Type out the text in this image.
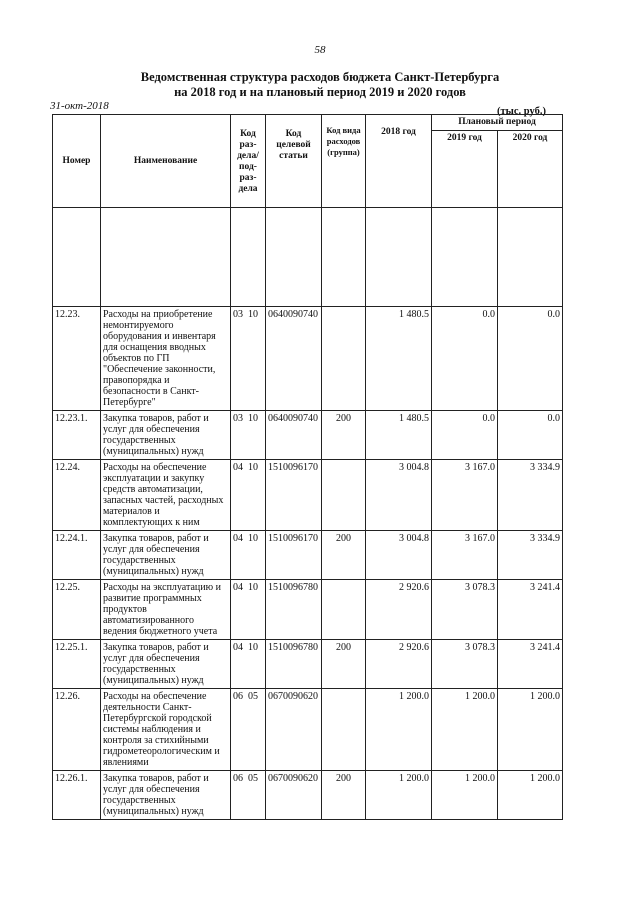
58
Ведомственная структура расходов бюджета Санкт-Петербурга
на 2018 год и на плановый период 2019 и 2020 годов
31-окт-2018	(тыс. руб.)
Номер	Наименование	Код раз-дела/ под-раз-дела	Код целевой статьи	Код вида расходов (группа)	2018 год	Плановый период	
						2019 год	2020 год

12.23.	Расходы на приобретение немонтируемого оборудования и инвентаря для оснащения вводных объектов по ГП "Обеспечение законности, правопорядка и безопасности в Санкт-Петербурге"	03 10	0640090740		1 480.5	0.0	0.0
12.23.1.	Закупка товаров, работ и услуг для обеспечения государственных (муниципальных) нужд	03 10	0640090740	200	1 480.5	0.0	0.0
12.24.	Расходы на обеспечение эксплуатации и закупку средств автоматизации, запасных частей, расходных материалов и комплектующих к ним	04 10	1510096170		3 004.8	3 167.0	3 334.9
12.24.1.	Закупка товаров, работ и услуг для обеспечения государственных (муниципальных) нужд	04 10	1510096170	200	3 004.8	3 167.0	3 334.9
12.25.	Расходы на эксплуатацию и развитие программных продуктов автоматизированного ведения бюджетного учета	04 10	1510096780		2 920.6	3 078.3	3 241.4
12.25.1.	Закупка товаров, работ и услуг для обеспечения государственных (муниципальных) нужд	04 10	1510096780	200	2 920.6	3 078.3	3 241.4
12.26.	Расходы на обеспечение деятельности Санкт-Петербургской городской системы наблюдения и контроля за стихийными гидрометеорологическим и явлениями	06 05	0670090620		1 200.0	1 200.0	1 200.0
12.26.1.	Закупка товаров, работ и услуг для обеспечения государственных (муниципальных) нужд	06 05	0670090620	200	1 200.0	1 200.0	1 200.0
